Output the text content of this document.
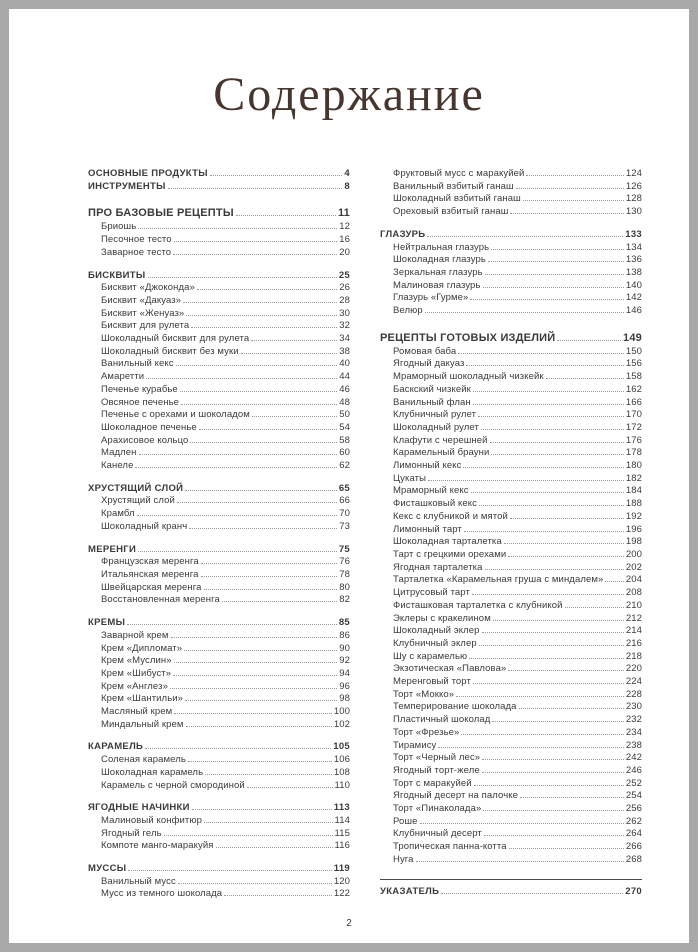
Содержание
ОСНОВНЫЕ ПРОДУКТЫ	4
ИНСТРУМЕНТЫ	8
ПРО БАЗОВЫЕ РЕЦЕПТЫ	11
Бриошь	12
Песочное тесто	16
Заварное тесто	20
БИСКВИТЫ	25
Бисквит «Джоконда»	26
Бисквит «Дакуаз»	28
Бисквит «Женуаз»	30
Бисквит для рулета	32
Шоколадный бисквит для рулета	34
Шоколадный бисквит без муки	38
Ванильный кекс	40
Амаретти	44
Печенье курабье	46
Овсяное печенье	48
Печенье с орехами и шоколадом	50
Шоколадное печенье	54
Арахисовое кольцо	58
Мадлен	60
Канеле	62
ХРУСТЯЩИЙ СЛОЙ	65
Хрустящий слой	66
Крамбл	70
Шоколадный кранч	73
МЕРЕНГИ	75
Французская меренга	76
Итальянская меренга	78
Швейцарская меренга	80
Восстановленная меренга	82
КРЕМЫ	85
Заварной крем	86
Крем «Дипломат»	90
Крем «Муслин»	92
Крем «Шибуст»	94
Крем «Англез»	96
Крем «Шантильи»	98
Масляный крем	100
Миндальный крем	102
КАРАМЕЛЬ	105
Соленая карамель	106
Шоколадная карамель	108
Карамель с черной смородиной	110
ЯГОДНЫЕ НАЧИНКИ	113
Малиновый конфитюр	114
Ягодный гель	115
Компоте манго-маракуйя	116
МУССЫ	119
Ванильный мусс	120
Мусс из темного шоколада	122
Фруктовый мусс с маракуйей	124
Ванильный взбитый ганаш	126
Шоколадный взбитый ганаш	128
Ореховый взбитый ганаш	130
ГЛАЗУРЬ	133
Нейтральная глазурь	134
Шоколадная глазурь	136
Зеркальная глазурь	138
Малиновая глазурь	140
Глазурь «Гурме»	142
Велюр	146
РЕЦЕПТЫ ГОТОВЫХ ИЗДЕЛИЙ	149
Ромовая баба	150
Ягодный дакуаз	156
Мраморный шоколадный чизкейк	158
Баскский чизкейк	162
Ванильный флан	166
Клубничный рулет	170
Шоколадный рулет	172
Клафути с черешней	176
Карамельный брауни	178
Лимонный кекс	180
Цукаты	182
Мраморный кекс	184
Фисташковый кекс	188
Кекс с клубникой и мятой	192
Лимонный тарт	196
Шоколадная тарталетка	198
Тарт с грецкими орехами	200
Ягодная тарталетка	202
Тарталетка «Карамельная груша с миндалем» 204
Цитрусовый тарт	208
Фисташковая тарталетка с клубникой	210
Эклеры с кракелином	212
Шоколадный эклер	214
Клубничный эклер	216
Шу с карамелью	218
Экзотическая «Павлова»	220
Меренговый торт	224
Торт «Мокко»	228
Темперирование шоколада	230
Пластичный шоколад	232
Торт «Фрезье»	234
Тирамису	238
Торт «Черный лес»	242
Ягодный торт-желе	246
Торт с маракуйей	252
Ягодный десерт на палочке	254
Торт «Пинаколада»	256
Роше	262
Клубничный десерт	264
Тропическая панна-котта	266
Нуга	268
УКАЗАТЕЛЬ	270
2
